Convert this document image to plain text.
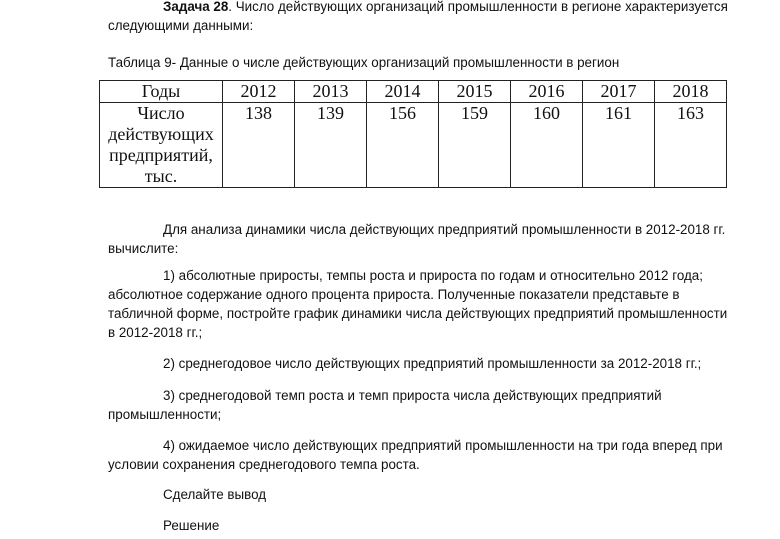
Задача 28. Число действующих организаций промышленности в регионе характеризуется следующими данными:

Таблица 9- Данные о числе действующих организаций промышленности в регион

Для анализа динамики числа действующих предприятий промышленности в 2012-2018 гг. вычислите:

1) абсолютные приросты, темпы роста и прироста по годам и относительно 2012 года; абсолютное содержание одного процента прироста. Полученные показатели представьте в табличной форме, постройте график динамики числа действующих предприятий промышленности в 2012-2018 гг.;

2) среднегодовое число действующих предприятий промышленности за 2012-2018 гг.;

3) среднегодовой темп роста и темп прироста числа действующих предприятий промышленности;

4) ожидаемое число действующих предприятий промышленности на три года вперед при условии сохранения среднегодового темпа роста.

Сделайте вывод

Решение

Годы	2012	2013	2014	2015	2016	2017	2018
Число действующих предприятий, тыс.	138	139	156	159	160	161	163
